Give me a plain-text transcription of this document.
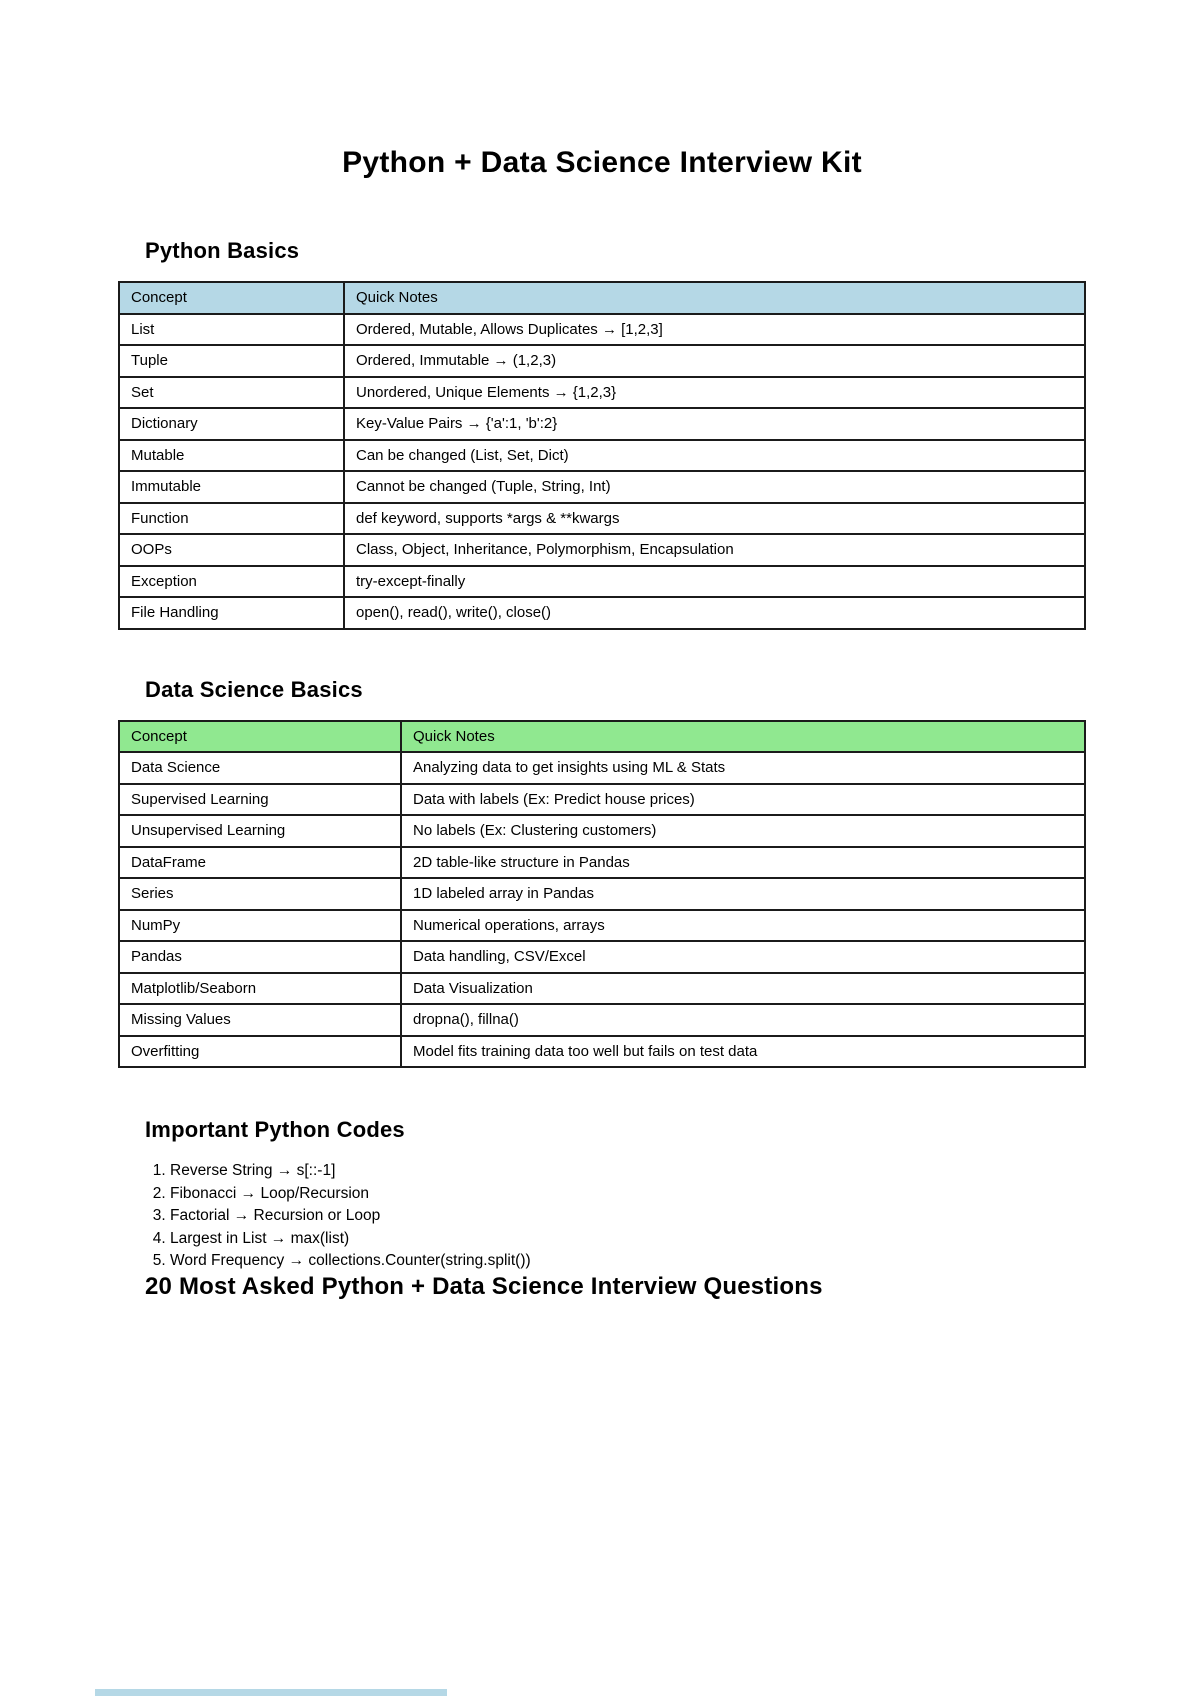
Python + Data Science Interview Kit
Python Basics
Concept	Quick Notes
List	Ordered, Mutable, Allows Duplicates → [1,2,3]
Tuple	Ordered, Immutable → (1,2,3)
Set	Unordered, Unique Elements → {1,2,3}
Dictionary	Key-Value Pairs → {'a':1, 'b':2}
Mutable	Can be changed (List, Set, Dict)
Immutable	Cannot be changed (Tuple, String, Int)
Function	def keyword, supports *args & **kwargs
OOPs	Class, Object, Inheritance, Polymorphism, Encapsulation
Exception	try-except-finally
File Handling	open(), read(), write(), close()
Data Science Basics
Concept	Quick Notes
Data Science	Analyzing data to get insights using ML & Stats
Supervised Learning	Data with labels (Ex: Predict house prices)
Unsupervised Learning	No labels (Ex: Clustering customers)
DataFrame	2D table-like structure in Pandas
Series	1D labeled array in Pandas
NumPy	Numerical operations, arrays
Pandas	Data handling, CSV/Excel
Matplotlib/Seaborn	Data Visualization
Missing Values	dropna(), fillna()
Overfitting	Model fits training data too well but fails on test data
Important Python Codes
1. Reverse String → s[::-1]
2. Fibonacci → Loop/Recursion
3. Factorial → Recursion or Loop
4. Largest in List → max(list)
5. Word Frequency → collections.Counter(string.split())
20 Most Asked Python + Data Science Interview Questions
